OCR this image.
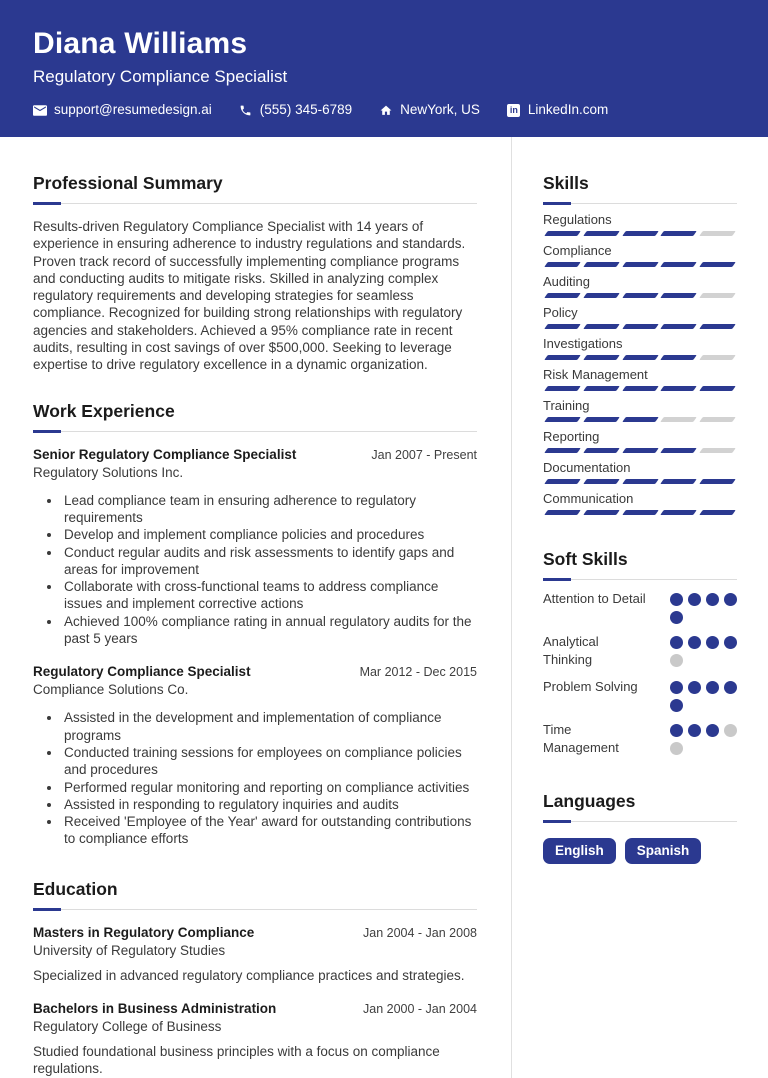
Diana Williams
Regulatory Compliance Specialist
support@resumedesign.ai	(555) 345-6789	NewYork, US	in LinkedIn.com
Professional Summary

Results-driven Regulatory Compliance Specialist with 14 years of experience in ensuring adherence to industry regulations and standards. Proven track record of successfully implementing compliance programs and conducting audits to mitigate risks. Skilled in analyzing complex regulatory requirements and developing strategies for seamless compliance. Recognized for building strong relationships with regulatory agencies and stakeholders. Achieved a 95% compliance rate in recent audits, resulting in cost savings of over $500,000. Seeking to leverage expertise to drive regulatory excellence in a dynamic organization.

Work Experience
Senior Regulatory Compliance Specialist	Jan 2007 - Present
Regulatory Solutions Inc.
• Lead compliance team in ensuring adherence to regulatory requirements
• Develop and implement compliance policies and procedures
• Conduct regular audits and risk assessments to identify gaps and areas for improvement
• Collaborate with cross-functional teams to address compliance issues and implement corrective actions
• Achieved 100% compliance rating in annual regulatory audits for the past 5 years
Regulatory Compliance Specialist	Mar 2012 - Dec 2015
Compliance Solutions Co.
• Assisted in the development and implementation of compliance programs
• Conducted training sessions for employees on compliance policies and procedures
• Performed regular monitoring and reporting on compliance activities
• Assisted in responding to regulatory inquiries and audits
• Received 'Employee of the Year' award for outstanding contributions to compliance efforts
Education
Masters in Regulatory Compliance	Jan 2004 - Jan 2008
University of Regulatory Studies

Specialized in advanced regulatory compliance practices and strategies.

Bachelors in Business Administration	Jan 2000 - Jan 2004
Regulatory College of Business

Studied foundational business principles with a focus on compliance regulations.

Skills
Regulations
Compliance
Auditing
Policy
Investigations
Risk Management
Training
Reporting
Documentation
Communication
Soft Skills
Attention to Detail
Analytical Thinking
Problem Solving
Time Management
Languages
English	Spanish
